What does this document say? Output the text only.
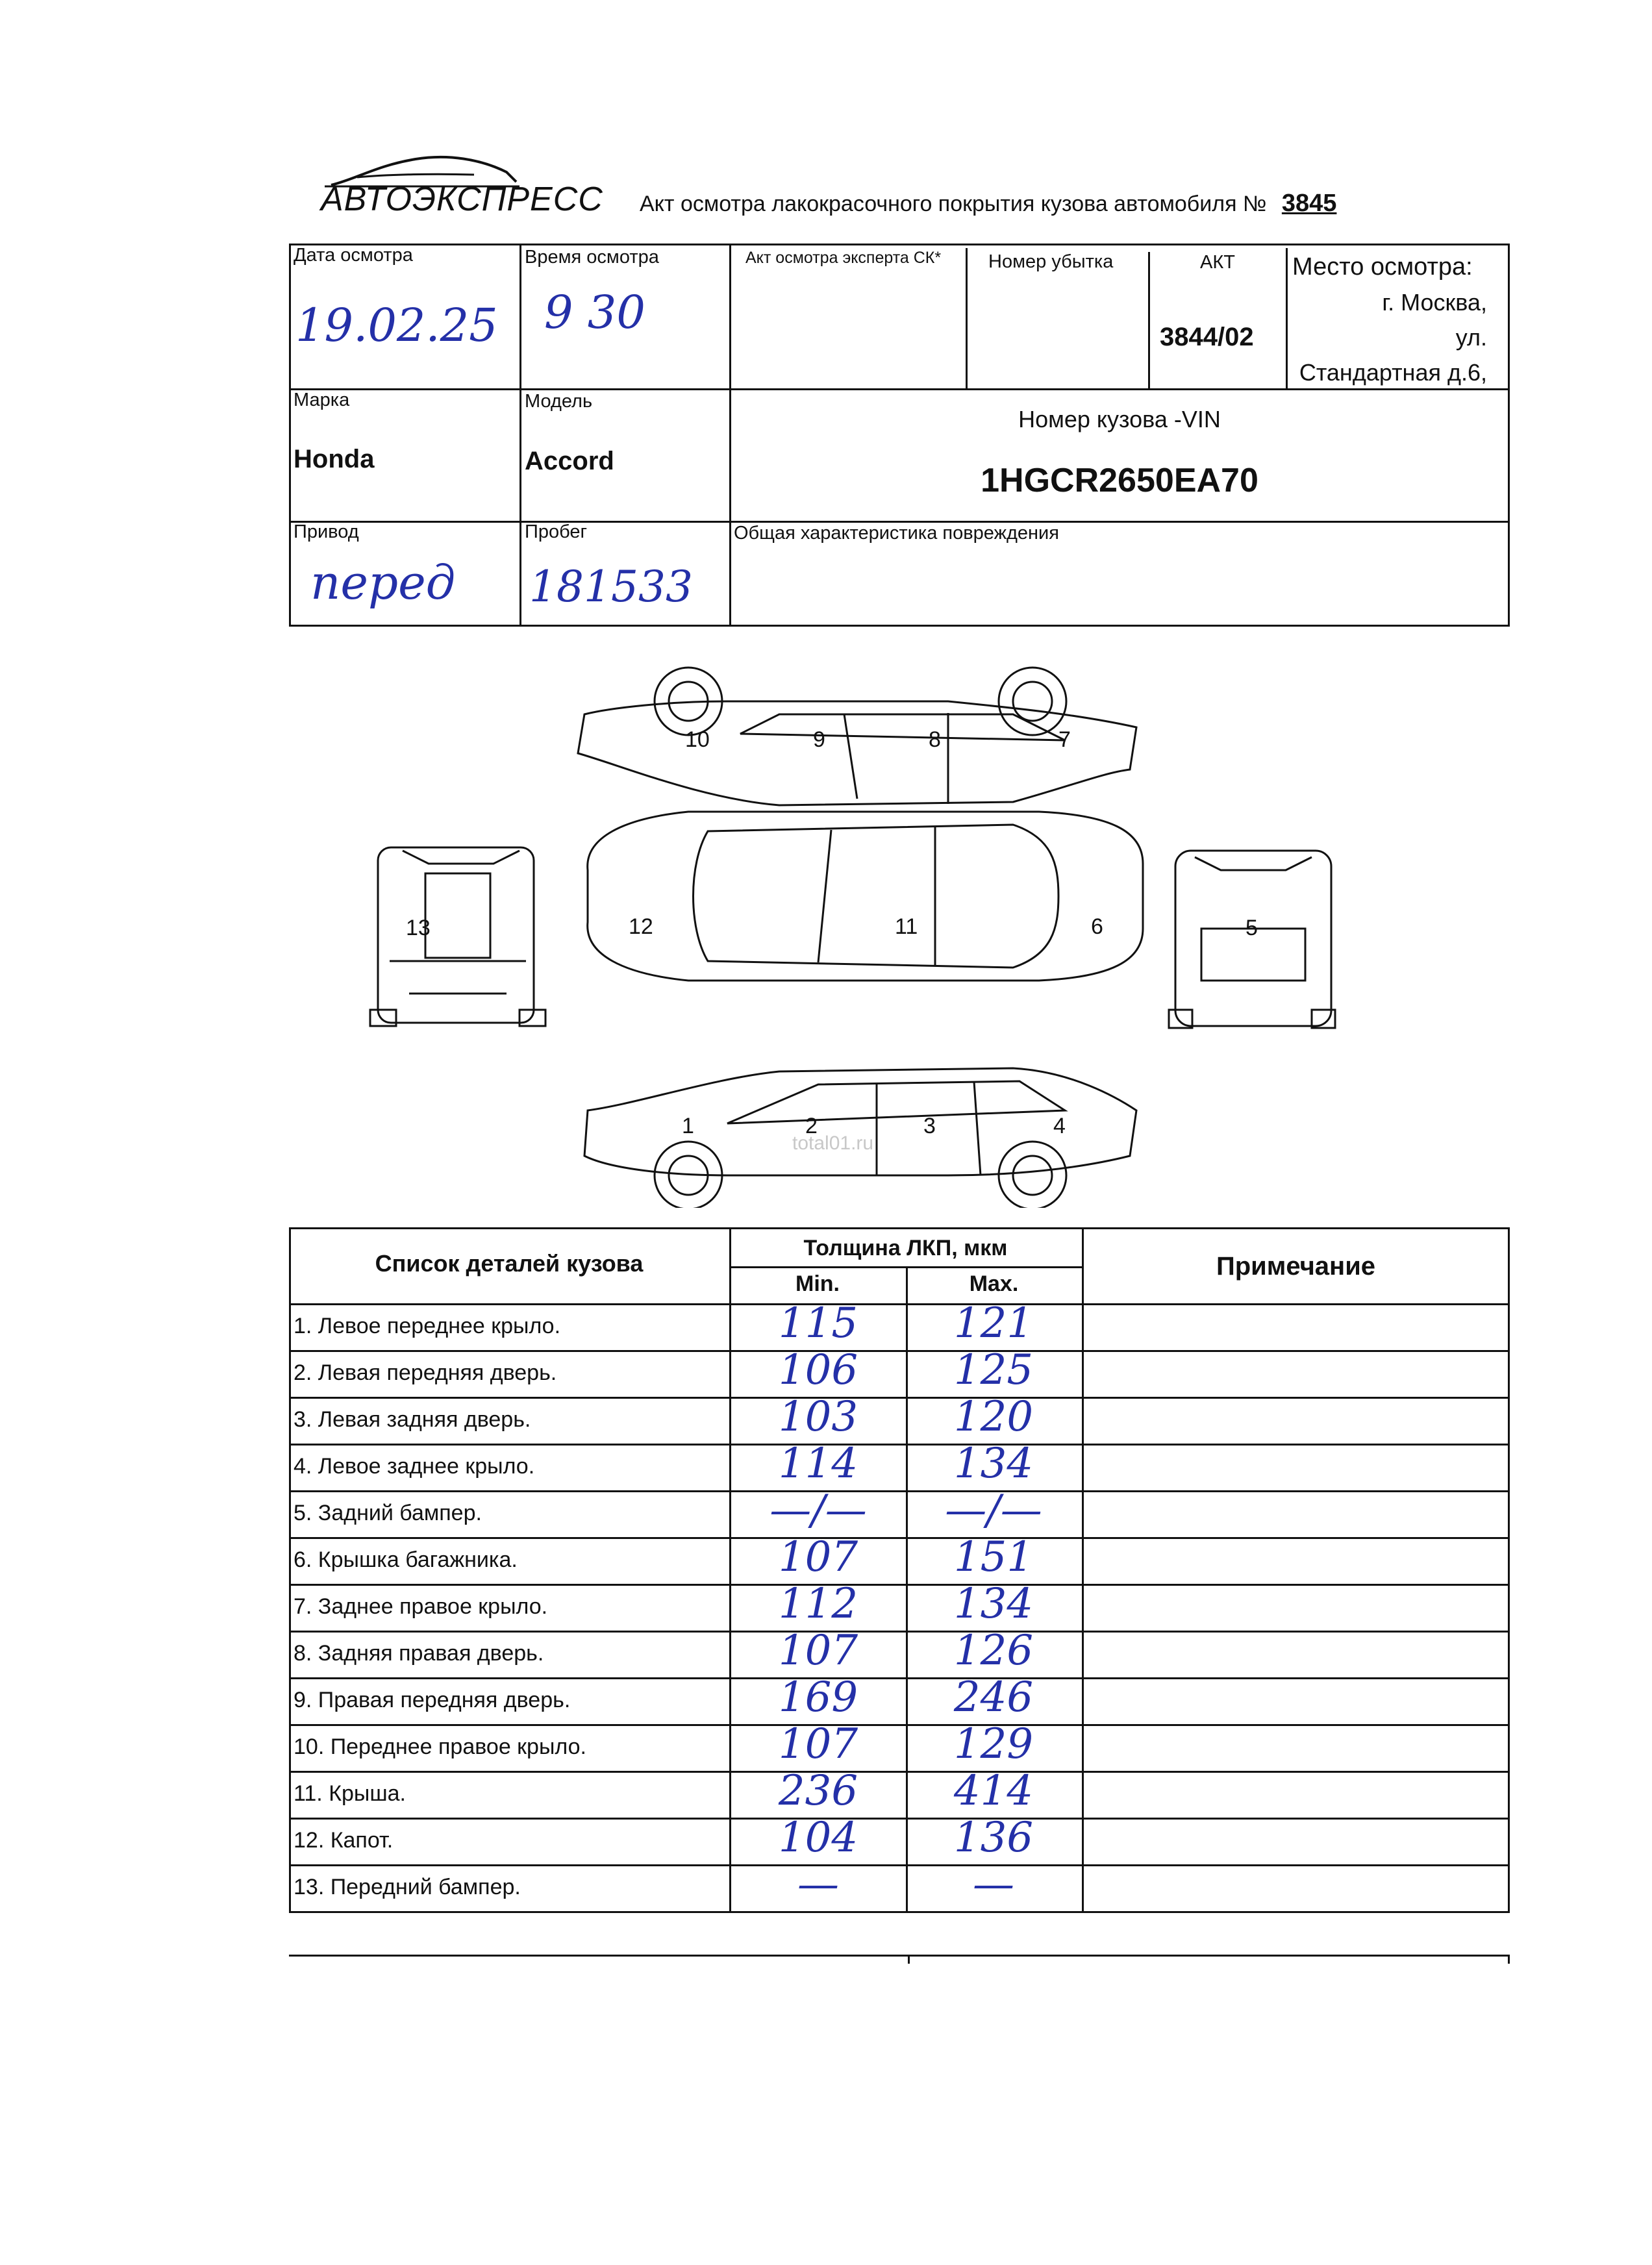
АВТОЭКСПРЕСС Акт осмотра лакокрасочного покрытия кузова автомобиля № 3845
Дата осмотра
19.02.25
Время осмотра
9 30
Акт осмотра эксперта СК*	Номер убытка	АКТ
3844/02
Место осмотра:
г. Москва,
ул.
Стандартная д.6,
Марка
Honda
Модель
Accord
Номер кузова -VIN
1HGCR2650EA70
Привод
перед
Пробег
181533
Общая характеристика повреждения
10	9	8	7
13	12	11	6	5
1	2	3	4
total01.ru
Список деталей кузова
Толщина ЛКП, мкм
Min.	Max.
Примечание
1. Левое переднее крыло.	115	121
2. Левая передняя дверь.	106	125
3. Левая задняя дверь.	103	120
4. Левое заднее крыло.	114	134
5. Задний бампер.	—/—	—/—
6. Крышка багажника.	107	151
7. Заднее правое крыло.	112	134
8. Задняя правая дверь.	107	126
9. Правая передняя дверь.	169	246
10. Переднее правое крыло.	107	129
11. Крыша.	236	414
12. Капот.	104	136
13. Передний бампер.	—	—
